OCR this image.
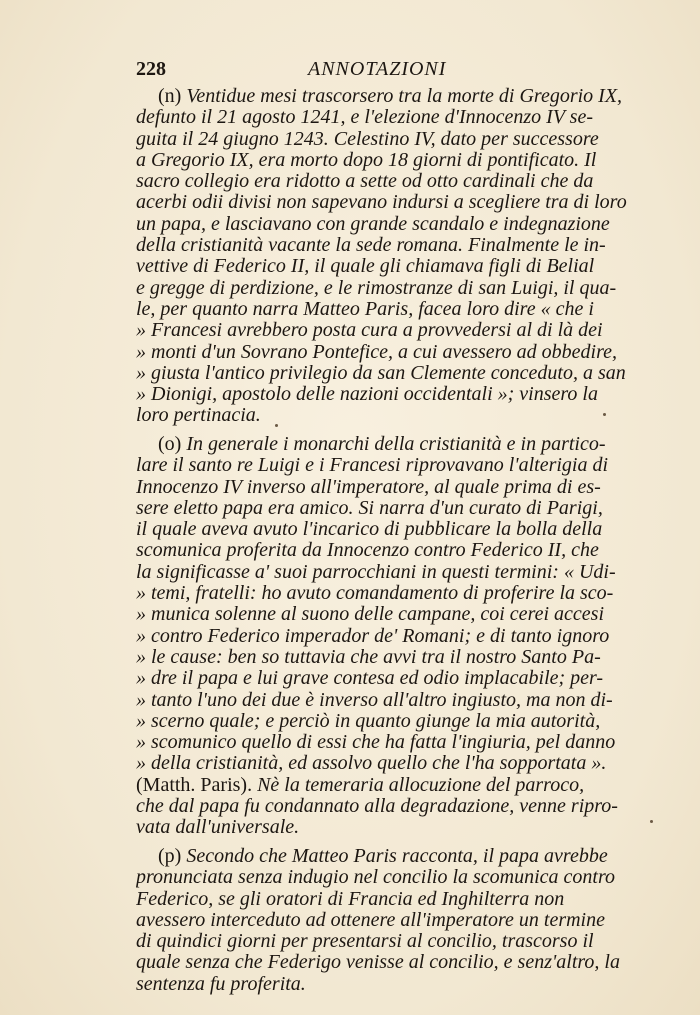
228	ANNOTAZIONI
(n) Ventidue mesi trascorsero tra la morte di Gregorio IX,
defunto il 21 agosto 1241, e l'elezione d'Innocenzo IV se-
guita il 24 giugno 1243. Celestino IV, dato per successore
a Gregorio IX, era morto dopo 18 giorni di pontificato. Il
sacro collegio era ridotto a sette od otto cardinali che da
acerbi odii divisi non sapevano indursi a scegliere tra di loro
un papa, e lasciavano con grande scandalo e indegnazione
della cristianità vacante la sede romana. Finalmente le in-
vettive di Federico II, il quale gli chiamava figli di Belial
e gregge di perdizione, e le rimostranze di san Luigi, il qua-
le, per quanto narra Matteo Paris, facea loro dire « che i
» Francesi avrebbero posta cura a provvedersi al di là dei
» monti d'un Sovrano Pontefice, a cui avessero ad obbedire,
» giusta l'antico privilegio da san Clemente conceduto, a san
» Dionigi, apostolo delle nazioni occidentali »; vinsero la
loro pertinacia.
(o) In generale i monarchi della cristianità e in partico-
lare il santo re Luigi e i Francesi riprovavano l'alterigia di
Innocenzo IV inverso all'imperatore, al quale prima di es-
sere eletto papa era amico. Si narra d'un curato di Parigi,
il quale aveva avuto l'incarico di pubblicare la bolla della
scomunica proferita da Innocenzo contro Federico II, che
la significasse a' suoi parrocchiani in questi termini: « Udi-
» temi, fratelli: ho avuto comandamento di proferire la sco-
» munica solenne al suono delle campane, coi cerei accesi
» contro Federico imperador de' Romani; e di tanto ignoro
» le cause: ben so tuttavia che avvi tra il nostro Santo Pa-
» dre il papa e lui grave contesa ed odio implacabile; per-
» tanto l'uno dei due è inverso all'altro ingiusto, ma non di-
» scerno quale; e perciò in quanto giunge la mia autorità,
» scomunico quello di essi che ha fatta l'ingiuria, pel danno
» della cristianità, ed assolvo quello che l'ha sopportata ».
(Matth. Paris). Nè la temeraria allocuzione del parroco,
che dal papa fu condannato alla degradazione, venne ripro-
vata dall'universale.
(p) Secondo che Matteo Paris racconta, il papa avrebbe
pronunciata senza indugio nel concilio la scomunica contro
Federico, se gli oratori di Francia ed Inghilterra non
avessero interceduto ad ottenere all'imperatore un termine
di quindici giorni per presentarsi al concilio, trascorso il
quale senza che Federigo venisse al concilio, e senz'altro, la
sentenza fu proferita.
